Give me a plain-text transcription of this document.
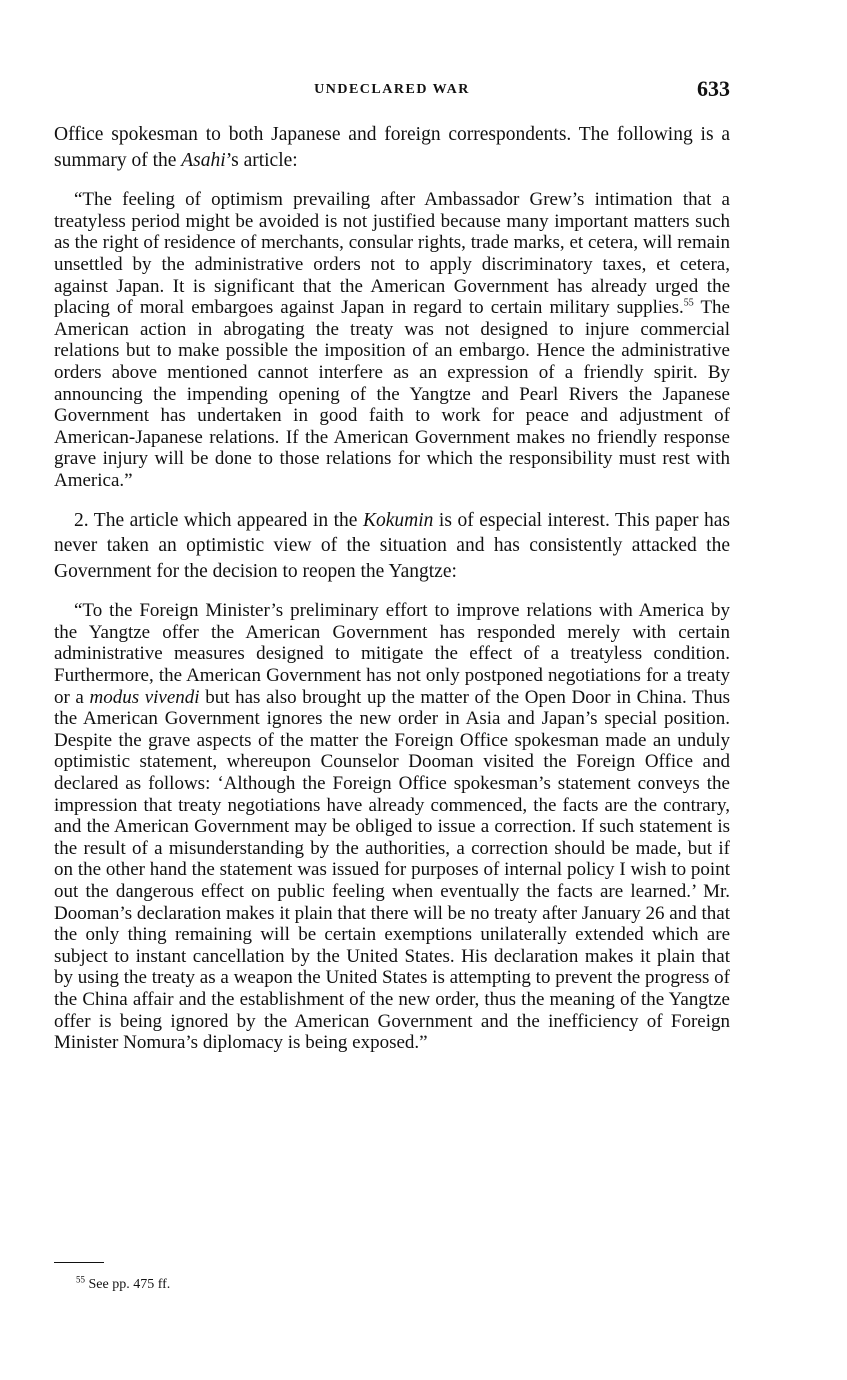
UNDECLARED WAR	633

Office spokesman to both Japanese and foreign correspondents. The following is a summary of the Asahi’s article:

“The feeling of optimism prevailing after Ambassador Grew’s intimation that a treatyless period might be avoided is not justified because many important matters such as the right of residence of merchants, consular rights, trade marks, et cetera, will remain unsettled by the administrative orders not to apply discriminatory taxes, et cetera, against Japan. It is significant that the American Government has already urged the placing of moral embargoes against Japan in regard to certain military supplies.$^{55}$ The American action in abrogating the treaty was not designed to injure commercial relations but to make possible the imposition of an embargo. Hence the administrative orders above mentioned cannot interfere as an expression of a friendly spirit. By announcing the impending opening of the Yangtze and Pearl Rivers the Japanese Government has undertaken in good faith to work for peace and adjustment of American-Japanese relations. If the American Government makes no friendly response grave injury will be done to those relations for which the responsibility must rest with America.”

2. The article which appeared in the Kokumin is of especial interest. This paper has never taken an optimistic view of the situation and has consistently attacked the Government for the decision to reopen the Yangtze:

“To the Foreign Minister’s preliminary effort to improve relations with America by the Yangtze offer the American Government has responded merely with certain administrative measures designed to mitigate the effect of a treatyless condition. Furthermore, the American Government has not only postponed negotiations for a treaty or a modus vivendi but has also brought up the matter of the Open Door in China. Thus the American Government ignores the new order in Asia and Japan’s special position. Despite the grave aspects of the matter the Foreign Office spokesman made an unduly optimistic statement, whereupon Counselor Dooman visited the Foreign Office and declared as follows: ‘Although the Foreign Office spokesman’s statement conveys the impression that treaty negotiations have already commenced, the facts are the contrary, and the American Government may be obliged to issue a correction. If such statement is the result of a misunderstanding by the authorities, a correction should be made, but if on the other hand the statement was issued for purposes of internal policy I wish to point out the dangerous effect on public feeling when eventually the facts are learned.’ Mr. Dooman’s declaration makes it plain that there will be no treaty after January 26 and that the only thing remaining will be certain exemptions unilaterally extended which are subject to instant cancellation by the United States. His declaration makes it plain that by using the treaty as a weapon the United States is attempting to prevent the progress of the China affair and the establishment of the new order, thus the meaning of the Yangtze offer is being ignored by the American Government and the inefficiency of Foreign Minister Nomura’s diplomacy is being exposed.”

$^{55}$ See pp. 475 ff.
